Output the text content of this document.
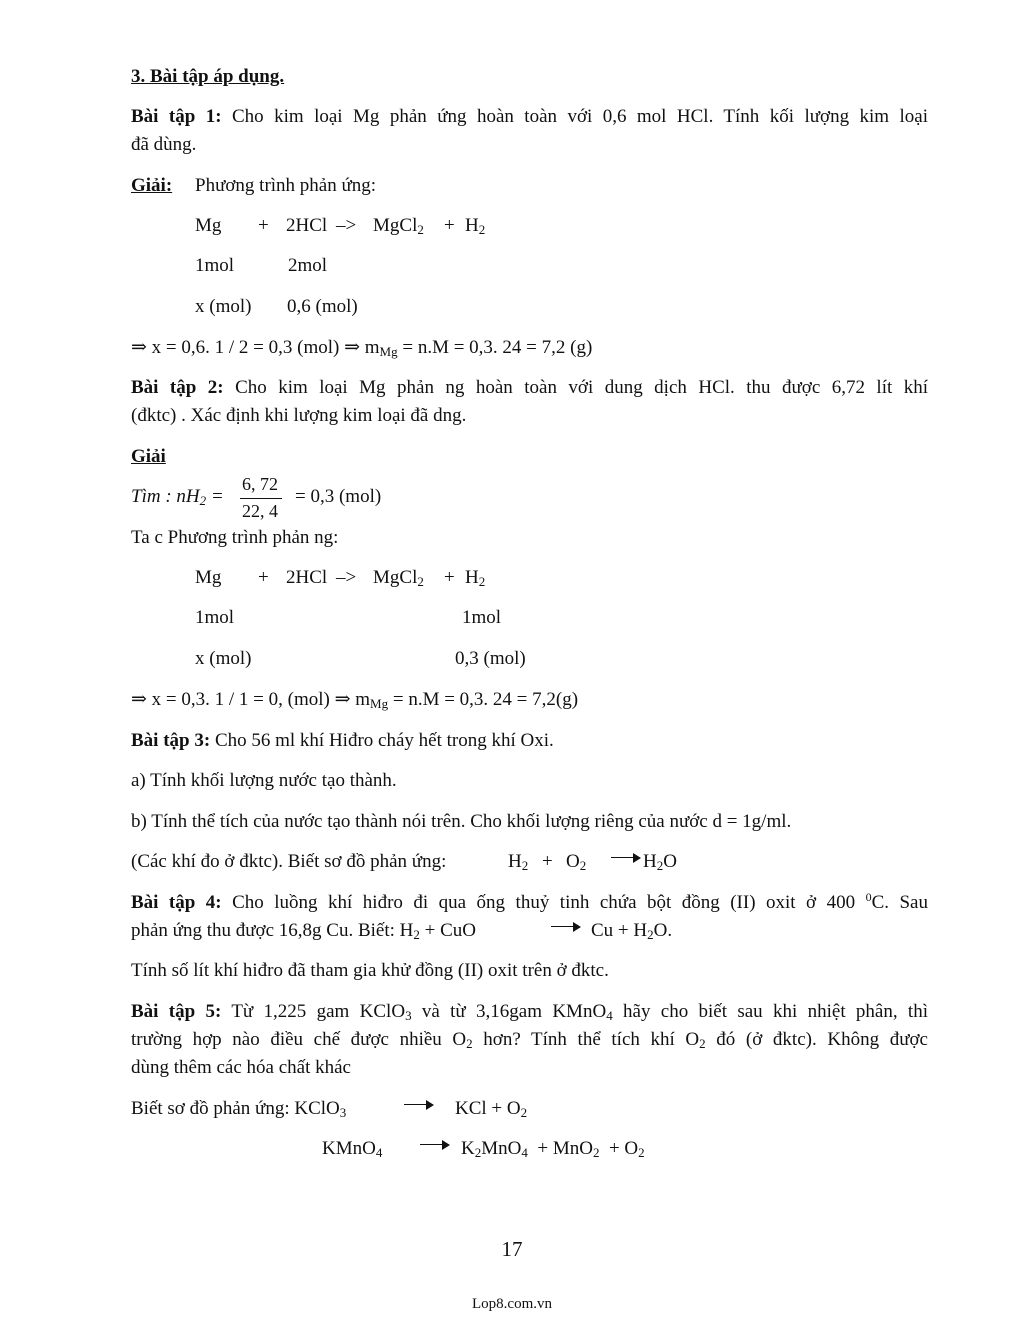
3. Bài tập áp dụng.
Bài tập 1: Cho kim loại Mg phản ứng hoàn toàn với 0,6 mol HCl. Tính kối lượng kim loại
đã dùng.
Giải: Phương trình phản ứng:
Mg + 2HCl –> MgCl$_2$ + $H_2$
1mol	2mol
x (mol) 0,6 (mol)
⇒ x = 0,6. 1 / 2 = 0,3 (mol) ⇒ $m_{Mg} = n.M = 0,3$. 24 = 7,2 (g)
Bài tập 2: Cho kim loại Mg phản ng hoàn toàn với dung dịch HCl. thu được 6,72 lít khí
(đktc) . Xác định khi lượng kim loại đã dng.
Giải
Tìm : $nH_2$ =
6, 72
22, 4
= 0,3 (mol)
Ta c Phương trình phản ng:
Mg + 2HCl –> MgCl$_2$ + $H_2$
1mol	1mol
x (mol)	0,3 (mol)
⇒ x = 0,3. 1 / 1 = 0, (mol) ⇒ $m_{Mg} = n.M = 0,3$. 24 = 7,2(g)
Bài tập 3: Cho 56 ml khí Hiđro cháy hết trong khí Oxi.
a) Tính khối lượng nước tạo thành.
b) Tính thể tích của nước tạo thành nói trên. Cho khối lượng riêng của nước d = 1g/ml.
(Các khí đo ở đktc). Biết sơ đồ phản ứng:	$H_2 + O_2$	$H_2O$
Bài tập 4: Cho luồng khí hiđro đi qua ống thuỷ tinh chứa bột đồng (II) oxit ở 400 $^0$C. Sau
phản ứng thu được 16,8g Cu. Biết: $H_2$ + CuO	$Cu + H_2O$.
Tính số lít khí hiđro đã tham gia khử đồng (II) oxit trên ở đktc.
Bài tập 5: Từ 1,225 gam KClO$_3$ và từ 3,16gam KMnO$_4$ hãy cho biết sau khi nhiệt phân, thì
trường hợp nào điều chế được nhiều $O_2$ hơn? Tính thể tích khí $O_2$ đó (ở đktc). Không được
dùng thêm các hóa chất khác
Biết sơ đồ phản ứng: KClO$_3$	KCl + $O_2$
KMnO$_4$	$K_2MnO_4 + MnO_2 + O_2$
17
Lop8.com.vn
